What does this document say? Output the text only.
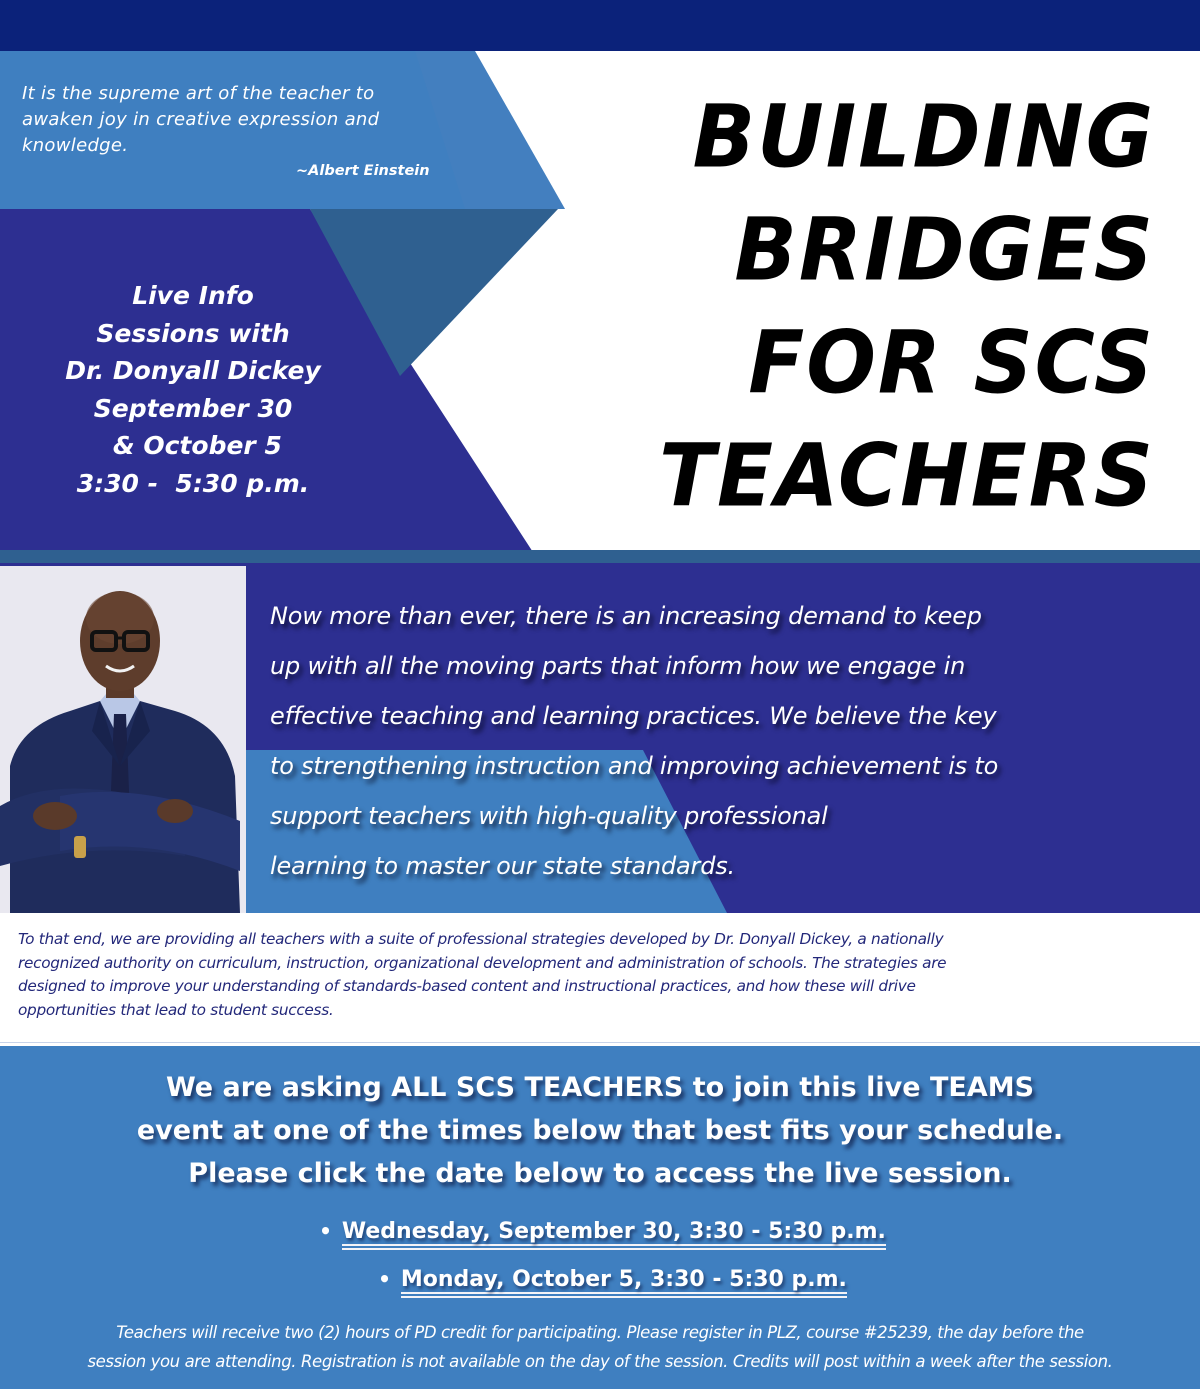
It is the supreme art of the teacher to
awaken joy in creative expression and
knowledge.
~Albert Einstein
Live Info
Sessions with
Dr. Donyall Dickey
September 30
& October 5
3:30 -  5:30 p.m.
BUILDING
BRIDGES
FOR SCS
TEACHERS
Now more than ever, there is an increasing demand to keep
up with all the moving parts that inform how we engage in
effective teaching and learning practices. We believe the key
to strengthening instruction and improving achievement is to
support teachers with high-quality professional
learning to master our state standards.
To that end, we are providing all teachers with a suite of professional strategies developed by Dr. Donyall Dickey, a nationally
recognized authority on curriculum, instruction, organizational development and administration of schools. The strategies are
designed to improve your understanding of standards-based content and instructional practices, and how these will drive
opportunities that lead to student success.
We are asking ALL SCS TEACHERS to join this live TEAMS
event at one of the times below that best fits your schedule.
Please click the date below to access the live session.
• Wednesday, September 30, 3:30 - 5:30 p.m.
• Monday, October 5, 3:30 - 5:30 p.m.
Teachers will receive two (2) hours of PD credit for participating. Please register in PLZ, course #25239, the day before the
session you are attending. Registration is not available on the day of the session. Credits will post within a week after the session.
